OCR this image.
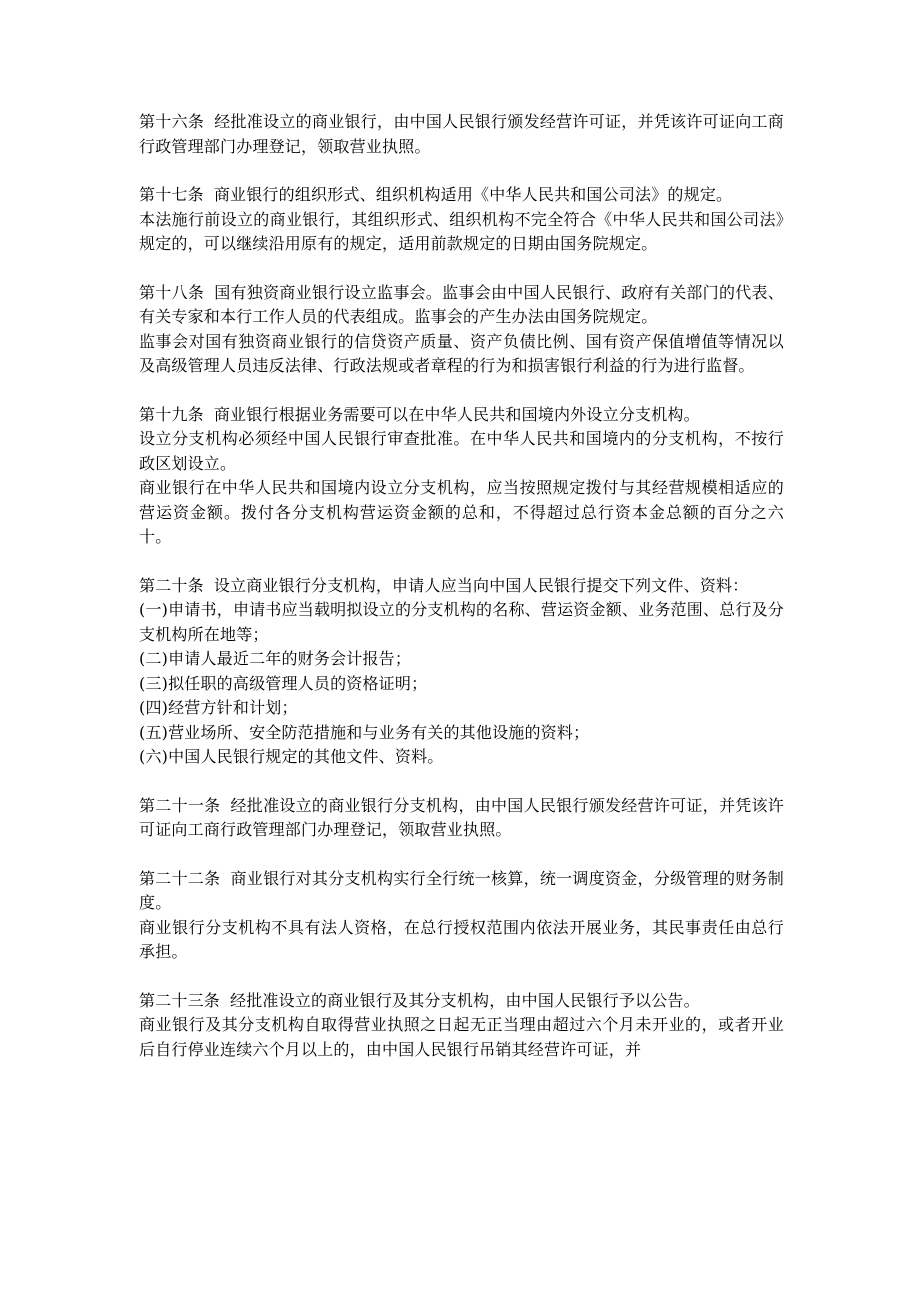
第十六条 经批准设立的商业银行，由中国人民银行颁发经营许可证，并凭该许可证向工商行政管理部门办理登记，领取营业执照。

第十七条 商业银行的组织形式、组织机构适用《中华人民共和国公司法》的规定。

本法施行前设立的商业银行，其组织形式、组织机构不完全符合《中华人民共和国公司法》规定的，可以继续沿用原有的规定，适用前款规定的日期由国务院规定。

第十八条 国有独资商业银行设立监事会。监事会由中国人民银行、政府有关部门的代表、有关专家和本行工作人员的代表组成。监事会的产生办法由国务院规定。

监事会对国有独资商业银行的信贷资产质量、资产负债比例、国有资产保值增值等情况以及高级管理人员违反法律、行政法规或者章程的行为和损害银行利益的行为进行监督。

第十九条 商业银行根据业务需要可以在中华人民共和国境内外设立分支机构。

设立分支机构必须经中国人民银行审查批准。在中华人民共和国境内的分支机构，不按行政区划设立。

商业银行在中华人民共和国境内设立分支机构，应当按照规定拨付与其经营规模相适应的营运资金额。拨付各分支机构营运资金额的总和，不得超过总行资本金总额的百分之六十。

第二十条 设立商业银行分支机构，申请人应当向中国人民银行提交下列文件、资料：

(一)申请书，申请书应当载明拟设立的分支机构的名称、营运资金额、业务范围、总行及分支机构所在地等；

(二)申请人最近二年的财务会计报告；

(三)拟任职的高级管理人员的资格证明；

(四)经营方针和计划；

(五)营业场所、安全防范措施和与业务有关的其他设施的资料；

(六)中国人民银行规定的其他文件、资料。

第二十一条 经批准设立的商业银行分支机构，由中国人民银行颁发经营许可证，并凭该许可证向工商行政管理部门办理登记，领取营业执照。

第二十二条 商业银行对其分支机构实行全行统一核算，统一调度资金，分级管理的财务制度。

商业银行分支机构不具有法人资格，在总行授权范围内依法开展业务，其民事责任由总行承担。

第二十三条 经批准设立的商业银行及其分支机构，由中国人民银行予以公告。

商业银行及其分支机构自取得营业执照之日起无正当理由超过六个月未开业的，或者开业后自行停业连续六个月以上的，由中国人民银行吊销其经营许可证，并
